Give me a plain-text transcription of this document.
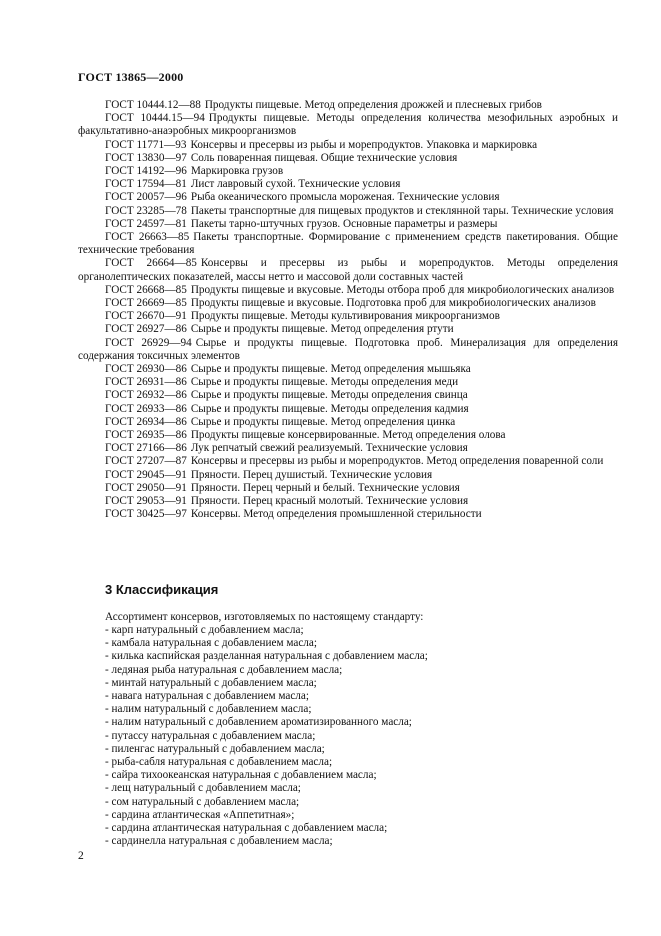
ГОСТ 13865—2000

ГОСТ 10444.12—88 Продукты пищевые. Метод определения дрожжей и плесневых грибов

ГОСТ 10444.15—94 Продукты пищевые. Методы определения количества мезофильных аэробных и факультативно-анаэробных микроорганизмов

ГОСТ 11771—93 Консервы и пресервы из рыбы и морепродуктов. Упаковка и маркировка

ГОСТ 13830—97 Соль поваренная пищевая. Общие технические условия

ГОСТ 14192—96 Маркировка грузов

ГОСТ 17594—81 Лист лавровый сухой. Технические условия

ГОСТ 20057—96 Рыба океанического промысла мороженая. Технические условия

ГОСТ 23285—78 Пакеты транспортные для пищевых продуктов и стеклянной тары. Технические условия

ГОСТ 24597—81 Пакеты тарно-штучных грузов. Основные параметры и размеры

ГОСТ 26663—85 Пакеты транспортные. Формирование с применением средств пакетирования. Общие технические требования

ГОСТ 26664—85 Консервы и пресервы из рыбы и морепродуктов. Методы определения органолептических показателей, массы нетто и массовой доли составных частей

ГОСТ 26668—85 Продукты пищевые и вкусовые. Методы отбора проб для микробиологических анализов

ГОСТ 26669—85 Продукты пищевые и вкусовые. Подготовка проб для микробиологических анализов

ГОСТ 26670—91 Продукты пищевые. Методы культивирования микроорганизмов

ГОСТ 26927—86 Сырье и продукты пищевые. Метод определения ртути

ГОСТ 26929—94 Сырье и продукты пищевые. Подготовка проб. Минерализация для определения содержания токсичных элементов

ГОСТ 26930—86 Сырье и продукты пищевые. Метод определения мышьяка

ГОСТ 26931—86 Сырье и продукты пищевые. Методы определения меди

ГОСТ 26932—86 Сырье и продукты пищевые. Методы определения свинца

ГОСТ 26933—86 Сырье и продукты пищевые. Методы определения кадмия

ГОСТ 26934—86 Сырье и продукты пищевые. Метод определения цинка

ГОСТ 26935—86 Продукты пищевые консервированные. Метод определения олова

ГОСТ 27166—86 Лук репчатый свежий реализуемый. Технические условия

ГОСТ 27207—87 Консервы и пресервы из рыбы и морепродуктов. Метод определения поваренной соли

ГОСТ 29045—91 Пряности. Перец душистый. Технические условия

ГОСТ 29050—91 Пряности. Перец черный и белый. Технические условия

ГОСТ 29053—91 Пряности. Перец красный молотый. Технические условия

ГОСТ 30425—97 Консервы. Метод определения промышленной стерильности

3 Классификация
Ассортимент консервов, изготовляемых по настоящему стандарту:
- карп натуральный с добавлением масла;
- камбала натуральная с добавлением масла;
- килька каспийская разделанная натуральная с добавлением масла;
- ледяная рыба натуральная с добавлением масла;
- минтай натуральный с добавлением масла;
- навага натуральная с добавлением масла;
- налим натуральный с добавлением масла;
- налим натуральный с добавлением ароматизированного масла;
- путассу натуральная с добавлением масла;
- пиленгас натуральный с добавлением масла;
- рыба-сабля натуральная с добавлением масла;
- сайра тихоокеанская натуральная с добавлением масла;
- лещ натуральный с добавлением масла;
- сом натуральный с добавлением масла;
- сардина атлантическая «Аппетитная»;
- сардина атлантическая натуральная с добавлением масла;
- сардинелла натуральная с добавлением масла;
2
